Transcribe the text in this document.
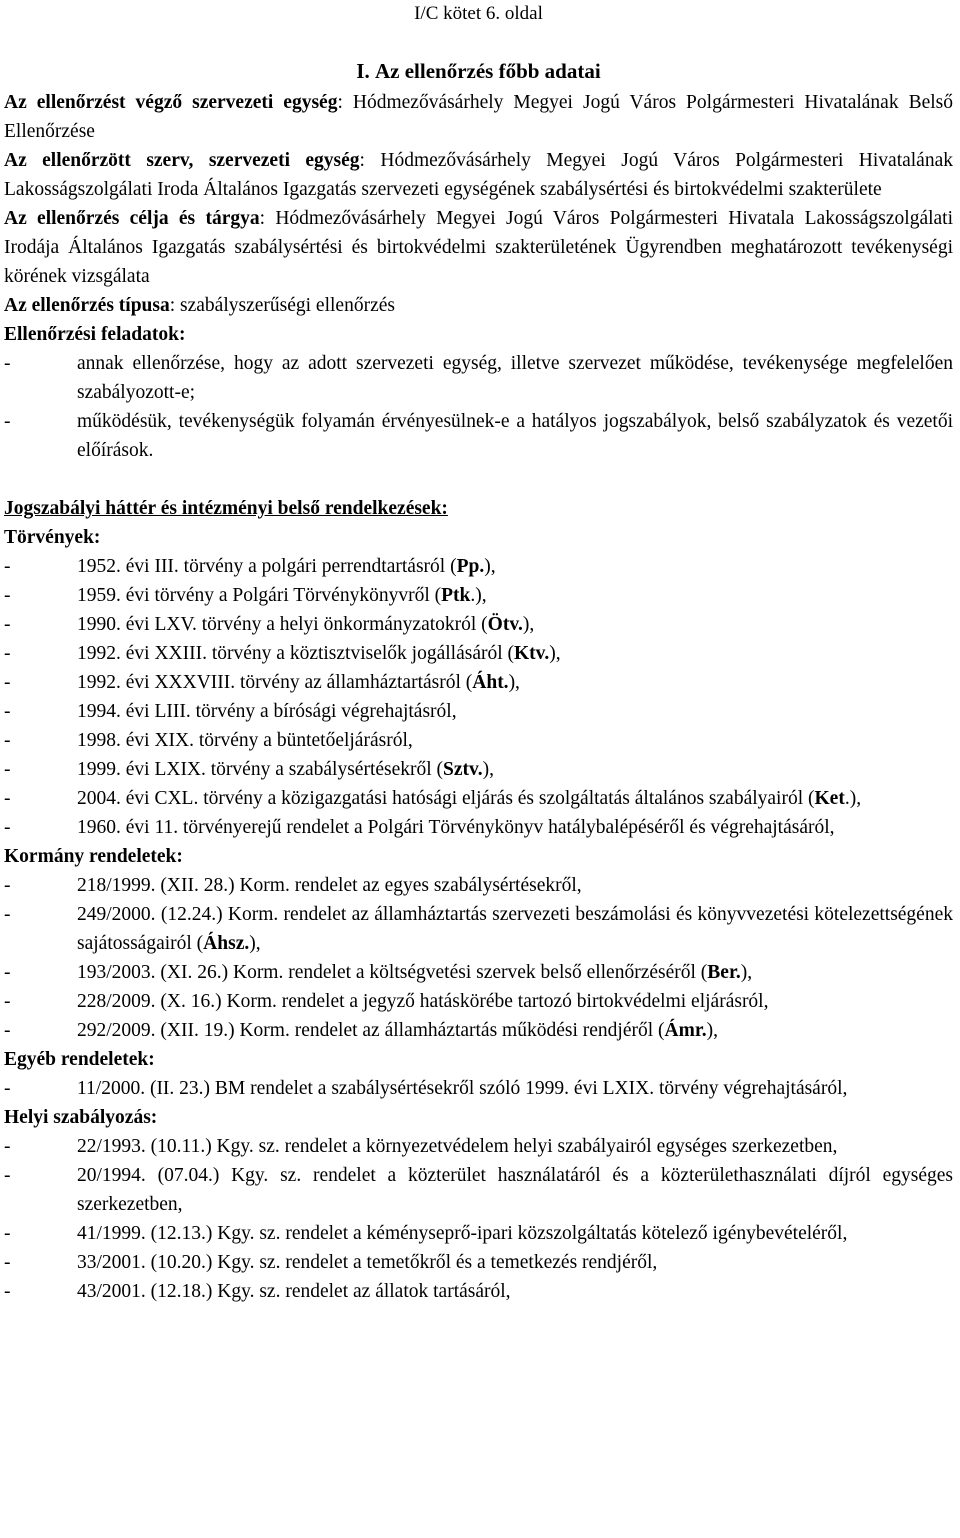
I/C kötet 6. oldal
I. Az ellenőrzés főbb adatai
Az ellenőrzést végző szervezeti egység: Hódmezővásárhely Megyei Jogú Város Polgármesteri Hivatalának Belső Ellenőrzése
Az ellenőrzött szerv, szervezeti egység: Hódmezővásárhely Megyei Jogú Város Polgármesteri Hivatalának Lakosságszolgálati Iroda Általános Igazgatás szervezeti egységének szabálysértési és birtokvédelmi szakterülete
Az ellenőrzés célja és tárgya: Hódmezővásárhely Megyei Jogú Város Polgármesteri Hivatala Lakosságszolgálati Irodája Általános Igazgatás szabálysértési és birtokvédelmi szakterületének Ügyrendben meghatározott tevékenységi körének vizsgálata
Az ellenőrzés típusa: szabályszerűségi ellenőrzés
Ellenőrzési feladatok:
-	annak ellenőrzése, hogy az adott szervezeti egység, illetve szervezet működése, tevékenysége megfelelően szabályozott-e;
-	működésük, tevékenységük folyamán érvényesülnek-e a hatályos jogszabályok, belső szabályzatok és vezetői előírások.
Jogszabályi háttér és intézményi belső rendelkezések:
Törvények:
-	1952. évi III. törvény a polgári perrendtartásról (Pp.),
-	1959. évi törvény a Polgári Törvénykönyvről (Ptk.),
-	1990. évi LXV. törvény a helyi önkormányzatokról (Ötv.),
-	1992. évi XXIII. törvény a köztisztviselők jogállásáról (Ktv.),
-	1992. évi XXXVIII. törvény az államháztartásról (Áht.),
-	1994. évi LIII. törvény a bírósági végrehajtásról,
-	1998. évi XIX. törvény a büntetőeljárásról,
-	1999. évi LXIX. törvény a szabálysértésekről (Sztv.),
-	2004. évi CXL. törvény a közigazgatási hatósági eljárás és szolgáltatás általános szabályairól (Ket.),
-	1960. évi 11. törvényerejű rendelet a Polgári Törvénykönyv hatálybalépéséről és végrehajtásáról,
Kormány rendeletek:
-	218/1999. (XII. 28.) Korm. rendelet az egyes szabálysértésekről,
-	249/2000. (12.24.) Korm. rendelet az államháztartás szervezeti beszámolási és könyvvezetési kötelezettségének sajátosságairól (Áhsz.),
-	193/2003. (XI. 26.) Korm. rendelet a költségvetési szervek belső ellenőrzéséről (Ber.),
-	228/2009. (X. 16.) Korm. rendelet a jegyző hatáskörébe tartozó birtokvédelmi eljárásról,
-	292/2009. (XII. 19.) Korm. rendelet az államháztartás működési rendjéről (Ámr.),
Egyéb rendeletek:
-	11/2000. (II. 23.) BM rendelet a szabálysértésekről szóló 1999. évi LXIX. törvény végrehajtásáról,
Helyi szabályozás:
-	22/1993. (10.11.) Kgy. sz. rendelet a környezetvédelem helyi szabályairól egységes szerkezetben,
-	20/1994. (07.04.) Kgy. sz. rendelet a közterület használatáról és a közterülethasználati díjról egységes szerkezetben,
-	41/1999. (12.13.) Kgy. sz. rendelet a kéményseprő-ipari közszolgáltatás kötelező igénybevételéről,
-	33/2001. (10.20.) Kgy. sz. rendelet a temetőkről és a temetkezés rendjéről,
-	43/2001. (12.18.) Kgy. sz. rendelet az állatok tartásáról,
